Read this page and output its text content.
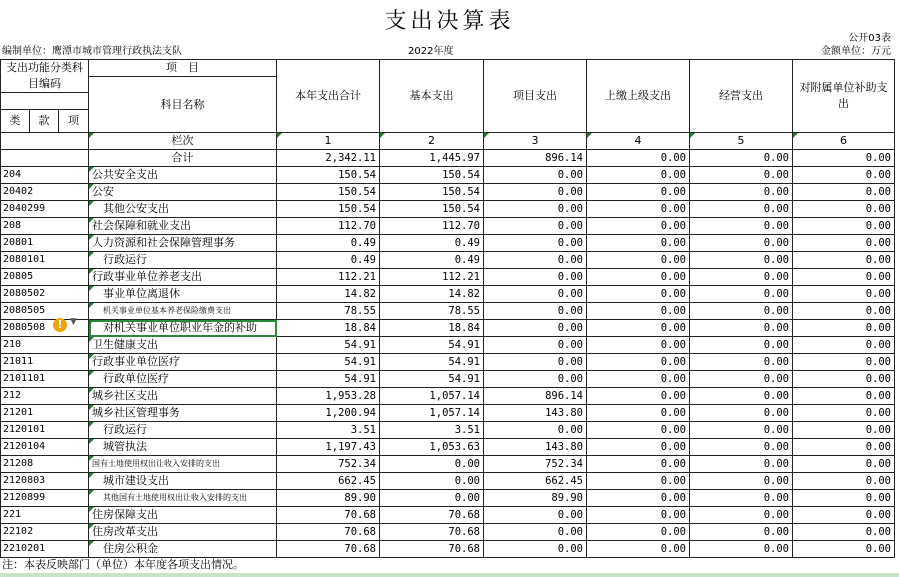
支出决算表
公开03表
编制单位：鹰潭市城市管理行政执法支队	2022年度	金额单位：万元
支出功能分类科目编码			项　目	本年支出合计	基本支出	项目支出	上缴上级支出	经营支出	对附属单位补助支出
			科目名称						

类	款	项							
			栏次	1	2	3	4	5	6
			合计	2,342.11	1,445.97	896.14	0.00	0.00	0.00
204			公共安全支出	150.54	150.54	0.00	0.00	0.00	0.00
20402			公安	150.54	150.54	0.00	0.00	0.00	0.00
2040299			其他公安支出	150.54	150.54	0.00	0.00	0.00	0.00
208			社会保障和就业支出	112.70	112.70	0.00	0.00	0.00	0.00
20801			人力资源和社会保障管理事务	0.49	0.49	0.00	0.00	0.00	0.00
2080101			行政运行	0.49	0.49	0.00	0.00	0.00	0.00
20805			行政事业单位养老支出	112.21	112.21	0.00	0.00	0.00	0.00
2080502			事业单位离退休	14.82	14.82	0.00	0.00	0.00	0.00
2080505			机关事业单位基本养老保险缴费支出	78.55	78.55	0.00	0.00	0.00	0.00
2080508			对机关事业单位职业年金的补助	18.84	18.84	0.00	0.00	0.00	0.00
210			卫生健康支出	54.91	54.91	0.00	0.00	0.00	0.00
21011			行政事业单位医疗	54.91	54.91	0.00	0.00	0.00	0.00
2101101			行政单位医疗	54.91	54.91	0.00	0.00	0.00	0.00
212			城乡社区支出	1,953.28	1,057.14	896.14	0.00	0.00	0.00
21201			城乡社区管理事务	1,200.94	1,057.14	143.80	0.00	0.00	0.00
2120101			行政运行	3.51	3.51	0.00	0.00	0.00	0.00
2120104			城管执法	1,197.43	1,053.63	143.80	0.00	0.00	0.00
21208			国有土地使用权出让收入安排的支出	752.34	0.00	752.34	0.00	0.00	0.00
2120803			城市建设支出	662.45	0.00	662.45	0.00	0.00	0.00
2120899			其他国有土地使用权出让收入安排的支出	89.90	0.00	89.90	0.00	0.00	0.00
221			住房保障支出	70.68	70.68	0.00	0.00	0.00	0.00
22102			住房改革支出	70.68	70.68	0.00	0.00	0.00	0.00
2210201			住房公积金	70.68	70.68	0.00	0.00	0.00	0.00
! ▼
注：本表反映部门（单位）本年度各项支出情况。
